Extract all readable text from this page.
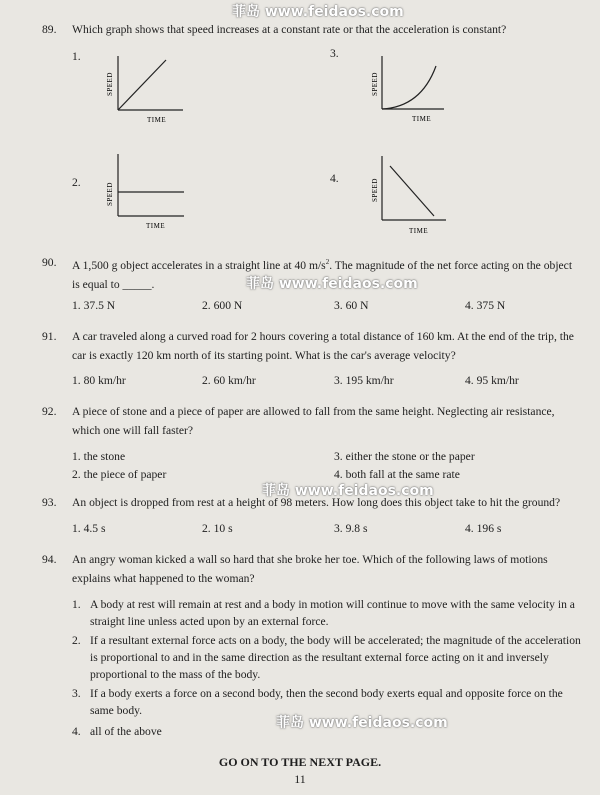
菲岛 www.feidaos.com
菲岛 www.feidaos.com
菲岛 www.feidaos.com
菲岛 www.feidaos.com
89.	Which graph shows that speed increases at a constant rate or that the acceleration is constant?
1.
SPEED
TIME
3.
SPEED
TIME
2.	SPEED
TIME
4.	SPEED
TIME
90.	A 1,500 g object accelerates in a straight line at 40 $m/s^2$. The magnitude of the net force acting on the object is equal to _____.
1. 37.5 N	2. 600 N	3. 60 N	4. 375 N
91.	A car traveled along a curved road for 2 hours covering a total distance of 160 km. At the end of the trip, the car is exactly 120 km north of its starting point. What is the car's average velocity?
1. 80 km/hr	2. 60 km/hr	3. 195 km/hr	4. 95 km/hr
92.	A piece of stone and a piece of paper are allowed to fall from the same height. Neglecting air resistance, which one will fall faster?
1. the stone
2. the piece of paper
3. either the stone or the paper
4. both fall at the same rate
93.	An object is dropped from rest at a height of 98 meters. How long does this object take to hit the ground?
1. 4.5 s	2. 10 s	3. 9.8 s	4. 196 s
94.	An angry woman kicked a wall so hard that she broke her toe. Which of the following laws of motions explains what happened to the woman?
1. A body at rest will remain at rest and a body in motion will continue to move with the same velocity in a straight line unless acted upon by an external force.
2. If a resultant external force acts on a body, the body will be accelerated; the magnitude of the acceleration is proportional to and in the same direction as the resultant external force acting on it and inversely proportional to the mass of the body.
3. If a body exerts a force on a second body, then the second body exerts equal and opposite force on the same body.
4. all of the above
GO ON TO THE NEXT PAGE.
11
